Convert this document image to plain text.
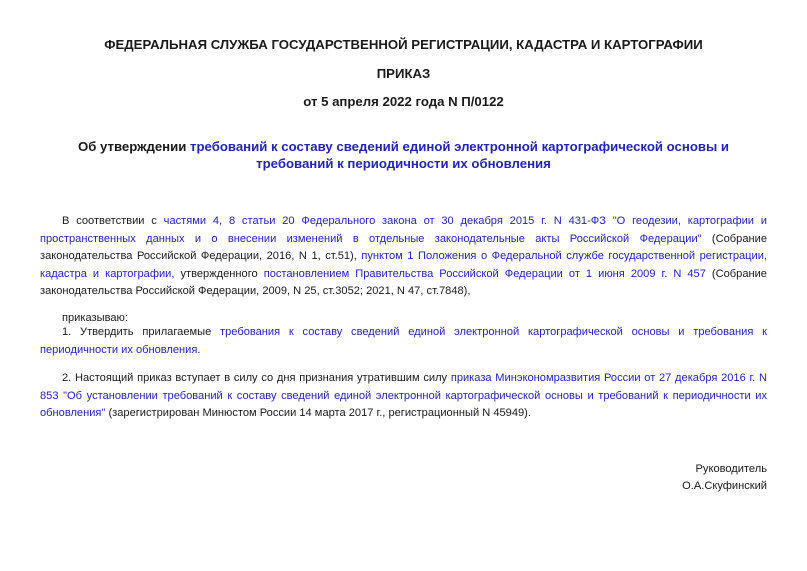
ФЕДЕРАЛЬНАЯ СЛУЖБА ГОСУДАРСТВЕННОЙ РЕГИСТРАЦИИ, КАДАСТРА И КАРТОГРАФИИ
ПРИКАЗ
от 5 апреля 2022 года N П/0122
Об утверждении требований к составу сведений единой электронной картографической основы и требований к периодичности их обновления
В соответствии с частями 4, 8 статьи 20 Федерального закона от 30 декабря 2015 г. N 431-ФЗ "О геодезии, картографии и пространственных данных и о внесении изменений в отдельные законодательные акты Российской Федерации" (Собрание законодательства Российской Федерации, 2016, N 1, ст.51), пунктом 1 Положения о Федеральной службе государственной регистрации, кадастра и картографии, утвержденного постановлением Правительства Российской Федерации от 1 июня 2009 г. N 457 (Собрание законодательства Российской Федерации, 2009, N 25, ст.3052; 2021, N 47, ст.7848),
приказываю:
1. Утвердить прилагаемые требования к составу сведений единой электронной картографической основы и требования к периодичности их обновления.
2. Настоящий приказ вступает в силу со дня признания утратившим силу приказа Минэкономразвития России от 27 декабря 2016 г. N 853 "Об установлении требований к составу сведений единой электронной картографической основы и требований к периодичности их обновления" (зарегистрирован Минюстом России 14 марта 2017 г., регистрационный N 45949).
Руководитель
О.А.Скуфинский
